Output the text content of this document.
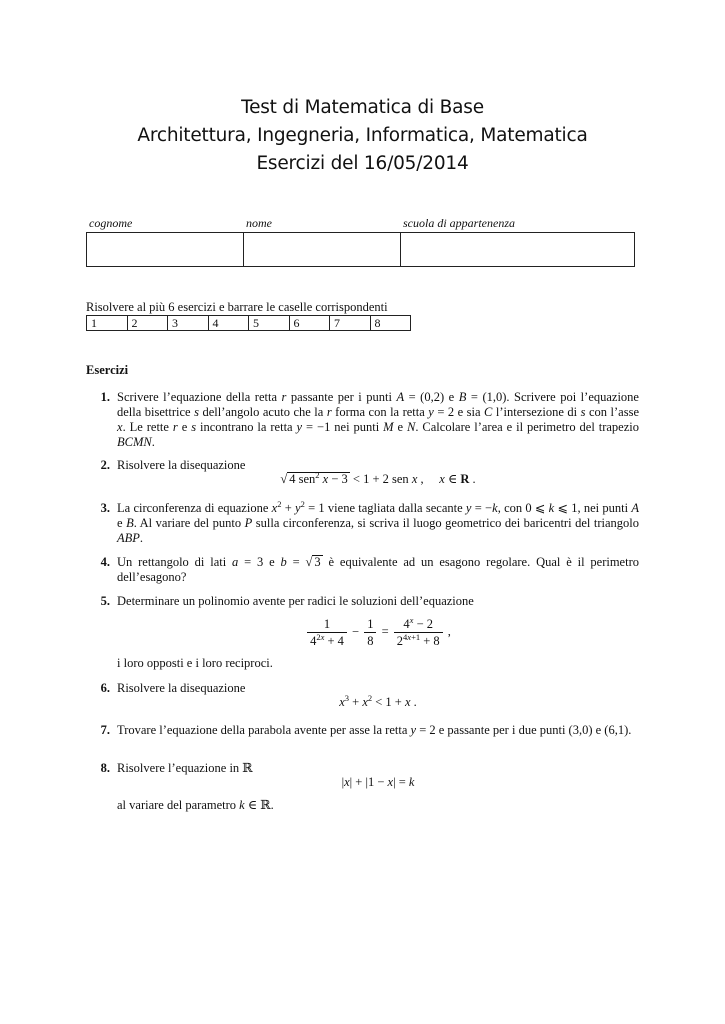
Test di Matematica di Base
Architettura, Ingegneria, Informatica, Matematica
Esercizi del 16/05/2014
cognome	nome	scuola di appartenenza
Risolvere al più 6 esercizi e barrare le caselle corrispondenti
1	2	3	4	5	6	7	8
Esercizi
1. Scrivere l’equazione della retta r passante per i punti A = (0,2) e B = (1,0). Scrivere poi l’equazione della bisettrice s dell’angolo acuto che la r forma con la retta y = 2 e sia C l’intersezione di s con l’asse x. Le rette r e s incontrano la retta y = −1 nei punti M e N. Calcolare l’area e il perimetro del trapezio BCMN.
2. Risolvere la disequazione
√ 4 sen$^2$ x − 3 < 1 + 2 sen x ,     x ∈ R .
3. La circonferenza di equazione $x^2 + y^2 = 1$ viene tagliata dalla secante y = −k, con 0 ⩽ k ⩽ 1, nei punti A e B. Al variare del punto P sulla circonferenza, si scriva il luogo geometrico dei baricentri del triangolo ABP.
4. Un rettangolo di lati a = 3 e b = √ 3 è equivalente ad un esagono regolare. Qual è il perimetro dell’esagono?
5. Determinare un polinomio avente per radici le soluzioni dell’equazione
$\frac{1}{4^{2x} + 4} - \frac{1}{8} = \frac{4^x - 2}{2^{4x+1} + 8}$ ,
i loro opposti e i loro reciproci.
6. Risolvere la disequazione
$x^3 + x^2 < 1 + x$ .
7. Trovare l’equazione della parabola avente per asse la retta y = 2 e passante per i due punti (3,0) e (6,1).
8. Risolvere l’equazione in ℝ
|x| + |1 − x| = k
al variare del parametro k ∈ ℝ.
